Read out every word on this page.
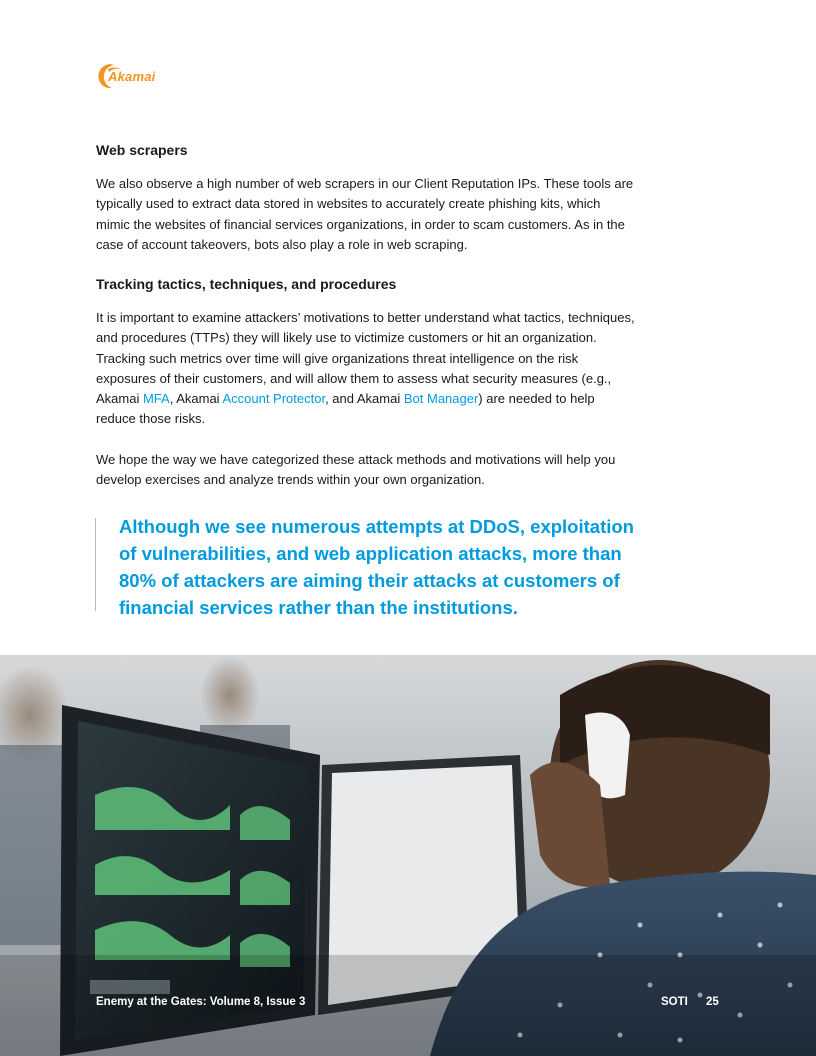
Akamai
Web scrapers

We also observe a high number of web scrapers in our Client Reputation IPs. These tools are typically used to extract data stored in websites to accurately create phishing kits, which mimic the websites of financial services organizations, in order to scam customers. As in the case of account takeovers, bots also play a role in web scraping.

Tracking tactics, techniques, and procedures

It is important to examine attackers’ motivations to better understand what tactics, techniques, and procedures (TTPs) they will likely use to victimize customers or hit an organization. Tracking such metrics over time will give organizations threat intelligence on the risk exposures of their customers, and will allow them to assess what security measures (e.g., Akamai MFA, Akamai Account Protector, and Akamai Bot Manager) are needed to help reduce those risks.

We hope the way we have categorized these attack methods and motivations will help you develop exercises and analyze trends within your own organization.

Although we see numerous attempts at DDoS, exploitation of vulnerabilities, and web application attacks, more than 80% of attackers are aiming their attacks at customers of financial services rather than the institutions.
Enemy at the Gates: Volume 8, Issue 3	SOTI 25
